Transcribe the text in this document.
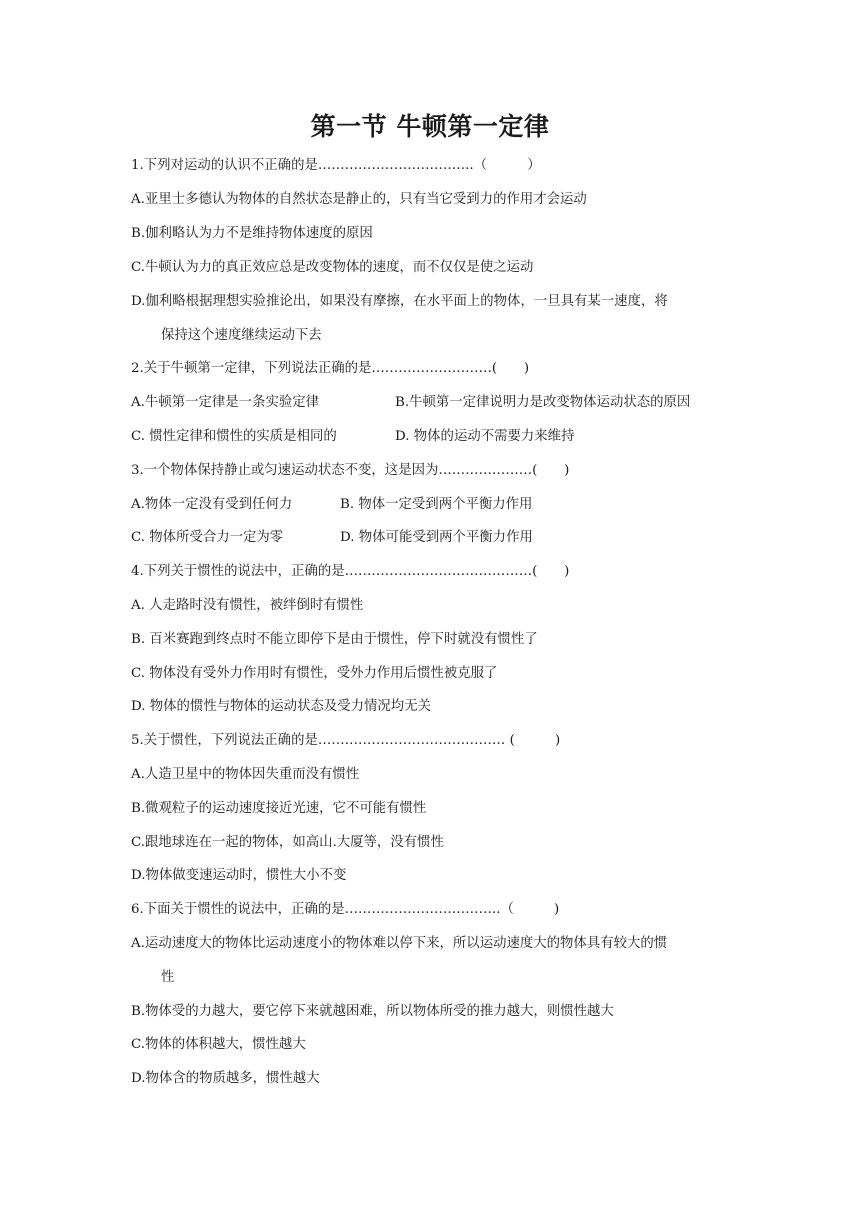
第一节 牛顿第一定律
1.下列对运动的认识不正确的是……………………………..（　　　）
A.亚里士多德认为物体的自然状态是静止的，只有当它受到力的作用才会运动
B.伽利略认为力不是维持物体速度的原因
C.牛顿认为力的真正效应总是改变物体的速度，而不仅仅是使之运动
D.伽利略根据理想实验推论出，如果没有摩擦，在水平面上的物体，一旦具有某一速度，将
保持这个速度继续运动下去
2.关于牛顿第一定律，下列说法正确的是………………………(　　)
A.牛顿第一定律是一条实验定律	B.牛顿第一定律说明力是改变物体运动状态的原因
C. 惯性定律和惯性的实质是相同的	D. 物体的运动不需要力来维持
3.一个物体保持静止或匀速运动状态不变，这是因为…………………(　　)
A.物体一定没有受到任何力	B. 物体一定受到两个平衡力作用
C. 物体所受合力一定为零	D. 物体可能受到两个平衡力作用
4.下列关于惯性的说法中，正确的是……………………………………(　　)
A. 人走路时没有惯性，被绊倒时有惯性
B. 百米赛跑到终点时不能立即停下是由于惯性，停下时就没有惯性了
C. 物体没有受外力作用时有惯性，受外力作用后惯性被克服了
D. 物体的惯性与物体的运动状态及受力情况均无关
5.关于惯性，下列说法正确的是…………………………………… (　　　)
A.人造卫星中的物体因失重而没有惯性
B.微观粒子的运动速度接近光速，它不可能有惯性
C.跟地球连在一起的物体，如高山.大厦等，没有惯性
D.物体做变速运动时，惯性大小不变
6.下面关于惯性的说法中，正确的是……………………………..（　　　)
A.运动速度大的物体比运动速度小的物体难以停下来，所以运动速度大的物体具有较大的惯
性
B.物体受的力越大，要它停下来就越困难，所以物体所受的推力越大，则惯性越大
C.物体的体积越大，惯性越大
D.物体含的物质越多，惯性越大
